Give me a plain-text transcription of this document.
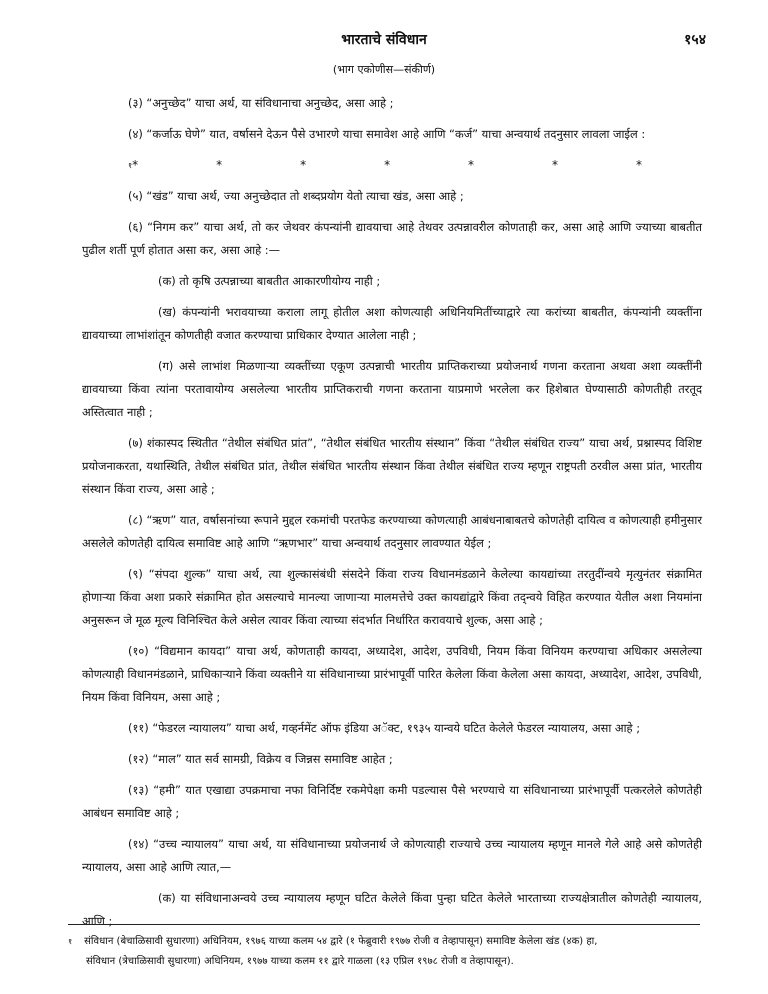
भारताचे संविधान	१५४
(भाग एकोणीस—संकीर्ण)

(३) “अनुच्छेद” याचा अर्थ, या संविधानाचा अनुच्छेद, असा आहे ;

(४) “कर्जाऊ घेणे” यात, वर्षासने देऊन पैसे उभारणे याचा समावेश आहे आणि “कर्ज” याचा अन्वयार्थ तदनुसार लावला जाईल :

$^१$*	*	*	*	*	*	*

(५) “खंड” याचा अर्थ, ज्या अनुच्छेदात तो शब्दप्रयोग येतो त्याचा खंड, असा आहे ;

(६) “निगम कर” याचा अर्थ, तो कर जेथवर कंपन्यांनी द्यावयाचा आहे तेथवर उत्पन्नावरील कोणताही कर, असा आहे आणि ज्याच्या बाबतीत पुढील शर्ती पूर्ण होतात असा कर, असा आहे :—

(क) तो कृषि उत्पन्नाच्या बाबतीत आकारणीयोग्य नाही ;

(ख) कंपन्यांनी भरावयाच्या कराला लागू होतील अशा कोणत्याही अधिनियमितींच्याद्वारे त्या करांच्या बाबतीत, कंपन्यांनी व्यक्तींना द्यावयाच्या लाभांशांतून कोणतीही वजात करण्याचा प्राधिकार देण्यात आलेला नाही ;

(ग) असे लाभांश मिळणाऱ्या व्यक्तींच्या एकूण उत्पन्नाची भारतीय प्राप्तिकराच्या प्रयोजनार्थ गणना करताना अथवा अशा व्यक्तींनी द्यावयाच्या किंवा त्यांना परतावायोग्य असलेल्या भारतीय प्राप्तिकराची गणना करताना याप्रमाणे भरलेला कर हिशेबात घेण्यासाठी कोणतीही तरतूद अस्तित्वात नाही ;

(७) शंकास्पद स्थितीत “तेथील संबंधित प्रांत”, “तेथील संबंधित भारतीय संस्थान” किंवा “तेथील संबंधित राज्य” याचा अर्थ, प्रश्नास्पद विशिष्ट प्रयोजनाकरता, यथास्थिति, तेथील संबंधित प्रांत, तेथील संबंधित भारतीय संस्थान किंवा तेथील संबंधित राज्य म्हणून राष्ट्रपती ठरवील असा प्रांत, भारतीय संस्थान किंवा राज्य, असा आहे ;

(८) “ऋण” यात, वर्षासनांच्या रूपाने मुद्दल रकमांची परतफेड करण्याच्या कोणत्याही आबंधनाबाबतचे कोणतेही दायित्व व कोणत्याही हमीनुसार असलेले कोणतेही दायित्व समाविष्ट आहे आणि “ऋणभार” याचा अन्वयार्थ तदनुसार लावण्यात येईल ;

(९) “संपदा शुल्क” याचा अर्थ, त्या शुल्कासंबंधी संसदेने किंवा राज्य विधानमंडळाने केलेल्या कायद्यांच्या तरतुदींन्वये मृत्युनंतर संक्रामित होणाऱ्या किंवा अशा प्रकारे संक्रामित होत असल्याचे मानल्या जाणाऱ्या मालमत्तेचे उक्त कायद्यांद्वारे किंवा तद्न्वये विहित करण्यात येतील अशा नियमांना अनुसरून जे मूळ मूल्य विनिश्चित केले असेल त्यावर किंवा त्याच्या संदर्भात निर्धारित करावयाचे शुल्क, असा आहे ;

(१०) “विद्यमान कायदा” याचा अर्थ, कोणताही कायदा, अध्यादेश, आदेश, उपविधी, नियम किंवा विनियम करण्याचा अधिकार असलेल्या कोणत्याही विधानमंडळाने, प्राधिकाऱ्याने किंवा व्यक्तीने या संविधानाच्या प्रारंभापूर्वी पारित केलेला किंवा केलेला असा कायदा, अध्यादेश, आदेश, उपविधी, नियम किंवा विनियम, असा आहे ;

(११) “फेडरल न्यायालय” याचा अर्थ, गव्हर्नमेंट ऑफ इंडिया अॅक्ट, १९३५ यान्वये घटित केलेले फेडरल न्यायालय, असा आहे ;

(१२) “माल” यात सर्व सामग्री, विक्रेय व जिन्नस समाविष्ट आहेत ;

(१३) “हमी” यात एखाद्या उपक्रमाचा नफा विनिर्दिष्ट रकमेपेक्षा कमी पडल्यास पैसे भरण्याचे या संविधानाच्या प्रारंभापूर्वी पत्करलेले कोणतेही आबंधन समाविष्ट आहे ;

(१४) “उच्च न्यायालय” याचा अर्थ, या संविधानाच्या प्रयोजनार्थ जे कोणत्याही राज्याचे उच्च न्यायालय म्हणून मानले गेले आहे असे कोणतेही न्यायालय, असा आहे आणि त्यात,—

(क) या संविधानाअन्वये उच्च न्यायालय म्हणून घटित केलेले किंवा पुन्हा घटित केलेले भारताच्या राज्यक्षेत्रातील कोणतेही न्यायालय, आणि ;

$^१$ संविधान (बेचाळिसावी सुधारणा) अधिनियम, १९७६ याच्या कलम ५४ द्वारे (१ फेब्रुवारी १९७७ रोजी व तेव्हापासून) समाविष्ट केलेला खंड (४क) हा,
संविधान (त्रेचाळिसावी सुधारणा) अधिनियम, १९७७ याच्या कलम ११ द्वारे गाळला (१३ एप्रिल १९७८ रोजी व तेव्हापासून).
